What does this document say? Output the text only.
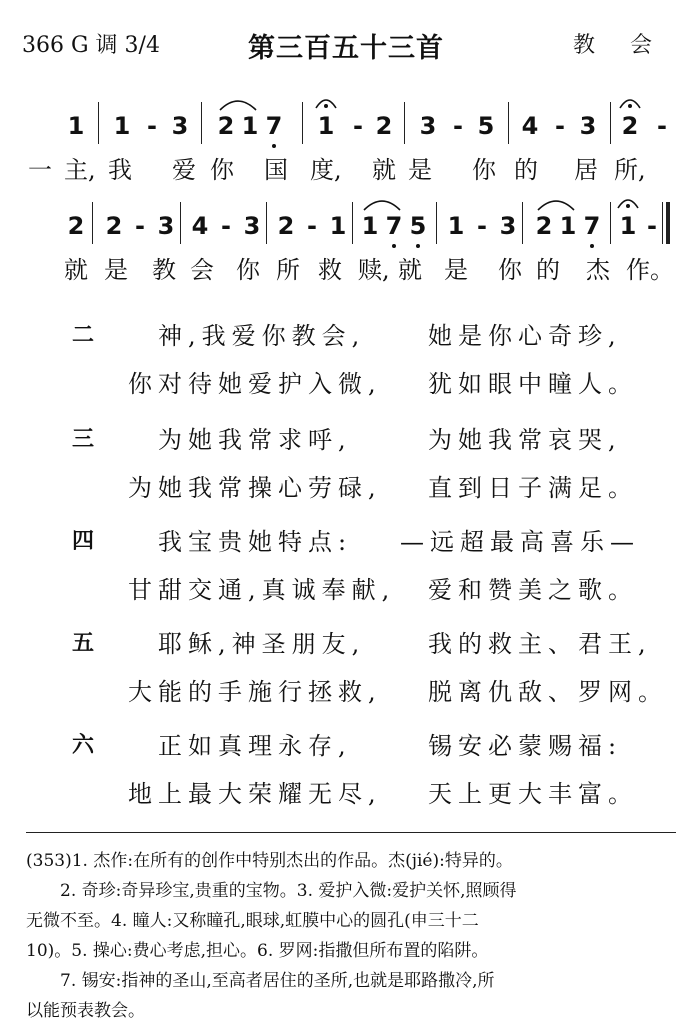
366 G 调 3/4	第三百五十三首	教 会
1 1 - 3 2 1 7 1 - 2 3 - 5 4 - 3 2 -
一 主, 我 爱 你 国 度, 就 是 你 的 居 所,
2 2 - 3 4 - 3 2 - 1 1 7 5 1 - 3 2 1 7 1 -
就 是 教 会 你 所 救 赎, 就 是 你 的 杰 作。
二	神,我爱你教会,	她是你心奇珍,
你对待她爱护入微, 犹如眼中瞳人。
三	为她我常求呼,	为她我常哀哭,
为她我常操心劳碌, 直到日子满足。
四	我宝贵她特点: —远超最高喜乐—
甘甜交通,真诚奉献, 爱和赞美之歌。
五	耶稣,神圣朋友,	我的救主、君王,
大能的手施行拯救, 脱离仇敌、罗网。
六	正如真理永存,	锡安必蒙赐福:
地上最大荣耀无尽, 天上更大丰富。

(353)1. 杰作:在所有的创作中特别杰出的作品。杰(jié):特异的。

　　2. 奇珍:奇异珍宝,贵重的宝物。3. 爱护入微:爱护关怀,照顾得

无微不至。4. 瞳人:又称瞳孔,眼球,虹膜中心的圆孔(申三十二

10)。5. 操心:费心考虑,担心。6. 罗网:指撒但所布置的陷阱。

　　7. 锡安:指神的圣山,至高者居住的圣所,也就是耶路撒冷,所

以能预表教会。
